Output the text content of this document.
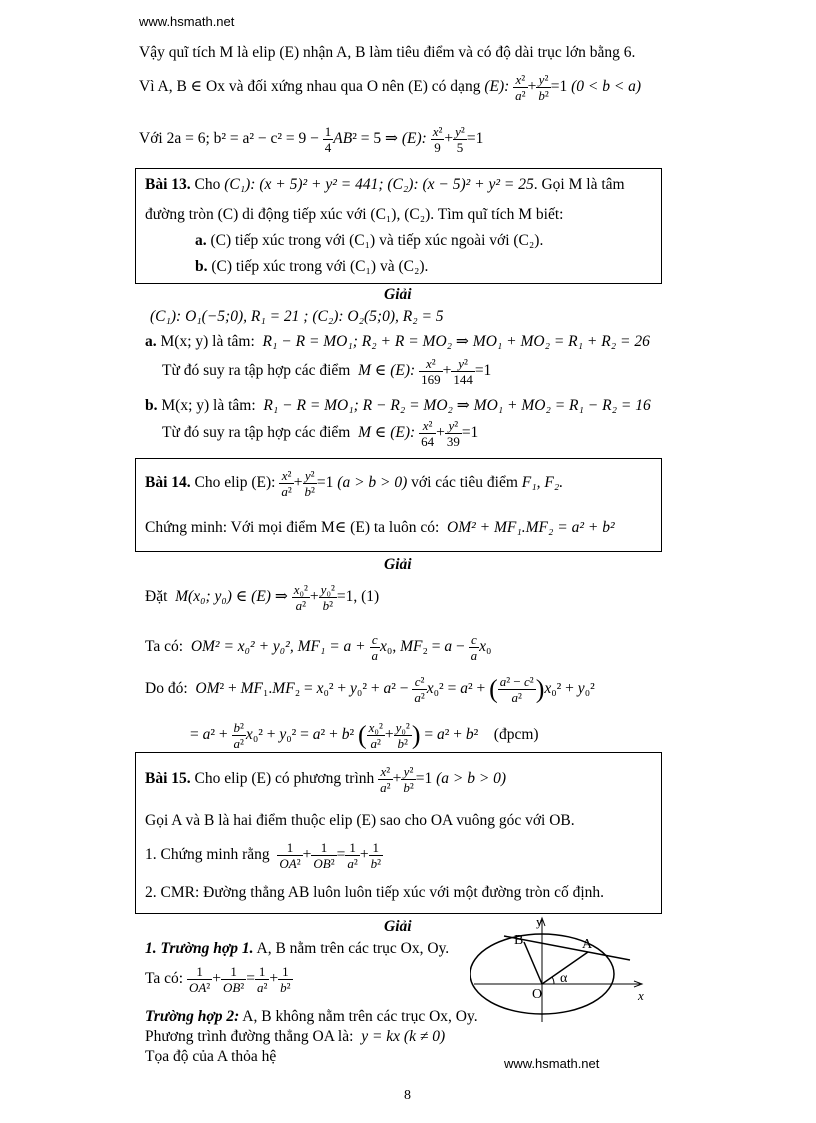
www.hsmath.net
Vậy quĩ tích M là elip (E) nhận A, B làm tiêu điểm và có độ dài trục lớn bằng 6.
Vì A, B ∈ Ox và đối xứng nhau qua O nên (E) có dạng (E): $\frac{\text{x²}}{\text{a²}} + \frac{\text{y²}}{\text{b²}} =1$ (0 < b < a)
Với 2a = 6; $b^2 = a^2 - c^2 = 9 - \frac{1}{4} AB^2 = 5$ ⇒ (E): $\frac{\text{x²}}{9} + \frac{\text{y²}}{5} =1$
Bài 13. Cho (C₁): (x + 5)² + y² = 441; (C₂): (x − 5)² + y² = 25. Gọi M là tâm
đường tròn (C) di động tiếp xúc với (C₁), (C₂). Tìm quĩ tích M biết:
a. (C) tiếp xúc trong với (C₁) và tiếp xúc ngoài với (C₂).
b. (C) tiếp xúc trong với (C₁) và (C₂).
Giải
(C₁): O₁(−5;0), R₁ = 21 ; (C₂): O₂(5;0), R₂ = 5
a. M(x; y) là tâm: R₁ − R = MO₁; R₂ + R = MO₂ ⇒ MO₁ + MO₂ = R₁ + R₂ = 26
Từ đó suy ra tập hợp các điểm M ∈ (E): $\frac{\text{x²}}{169} + \frac{\text{y²}}{144} =1$
b. M(x; y) là tâm: R₁ − R = MO₁; R − R₂ = MO₂ ⇒ MO₁ + MO₂ = R₁ − R₂ = 16
Từ đó suy ra tập hợp các điểm M ∈ (E): $\frac{\text{x²}}{64} + \frac{\text{y²}}{39} =1$
Bài 14. Cho elip (E): $\frac{\text{x²}}{\text{a²}} + \frac{\text{y²}}{\text{b²}} =1$ (a > b > 0) với các tiêu điểm F₁, F₂.
Chứng minh: Với mọi điểm M∈ (E) ta luôn có: OM² + MF₁.MF₂ = a² + b²
Giải
Đặt M(x₀; y₀) ∈ (E) ⇒ $\frac{\text{x₀²}}{\text{a²}} + \frac{\text{y₀²}}{\text{b²}} =1$, (1)
Ta có: OM² = x₀² + y₀², $MF_1 = a + \frac{c}{a} x_0$, $MF_2 = a - \frac{c}{a} x_0$
Do đó: $OM^2 + MF_1.MF_2 = x_0^2 + y_0^2 + a^2 - \frac{\text{c²}}{\text{a²}} x_0^2 = a^2$ + ( $\frac{\text{a² − c²}}{\text{a²}} )x_0^2 + y_0^2$
= $a^2 + \frac{\text{b²}}{\text{a²}} x_0^2 + y_0^2 = a^2 + b^2$ ( $\frac{\text{x₀²}}{\text{a²}} + \frac{\text{y₀²}}{\text{b²}}$ ) = a² + b²    (đpcm)
Bài 15. Cho elip (E) có phương trình $\frac{\text{x²}}{\text{a²}} + \frac{\text{y²}}{\text{b²}} =1$ (a > b > 0)
Gọi A và B là hai điểm thuộc elip (E) sao cho OA vuông góc với OB.
1. Chứng minh rằng $\frac{1}{\text{OA²}} + \frac{1}{\text{OB²}} = \frac{1}{\text{a²}} + \frac{1}{\text{b²}}$
2. CMR: Đường thẳng AB luôn luôn tiếp xúc với một đường tròn cố định.
Giải
1. Trường hợp 1. A, B nằm trên các trục Ox, Oy.
Ta có: $\frac{1}{\text{OA²}} + \frac{1}{\text{OB²}} = \frac{1}{\text{a²}} + \frac{1}{\text{b²}}$
Trường hợp 2: A, B không nằm trên các trục Ox, Oy.
Phương trình đường thẳng OA là: y = kx (k ≠ 0)
Tọa độ của A thỏa hệ
y
x
B	A
O
α
www.hsmath.net
8
